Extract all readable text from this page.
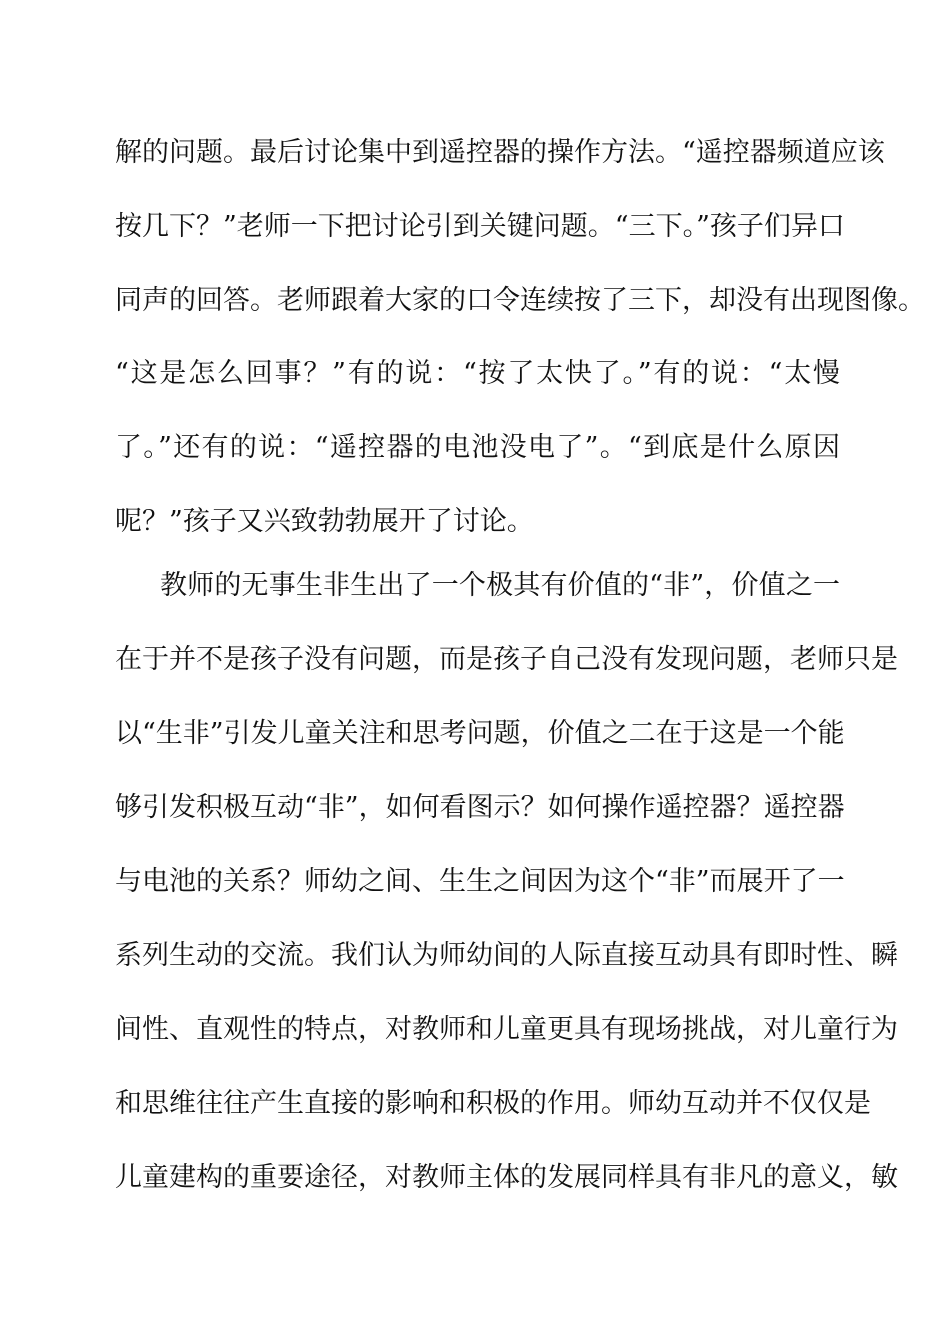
解的问题。最后讨论集中到遥控器的操作方法。“遥控器频道应该
按几下？”老师一下把讨论引到关键问题。“三下。”孩子们异口
同声的回答。老师跟着大家的口令连续按了三下，却没有出现图像。
“这是怎么回事？”有的说：“按了太快了。”有的说：“太慢
了。”还有的说：“遥控器的电池没电了”。“到底是什么原因
呢？”孩子又兴致勃勃展开了讨论。
教师的无事生非生出了一个极其有价值的“非”，价值之一
在于并不是孩子没有问题，而是孩子自己没有发现问题，老师只是
以“生非”引发儿童关注和思考问题，价值之二在于这是一个能
够引发积极互动“非”，如何看图示？如何操作遥控器？遥控器
与电池的关系？师幼之间、生生之间因为这个“非”而展开了一
系列生动的交流。我们认为师幼间的人际直接互动具有即时性、瞬
间性、直观性的特点，对教师和儿童更具有现场挑战，对儿童行为
和思维往往产生直接的影响和积极的作用。师幼互动并不仅仅是
儿童建构的重要途径，对教师主体的发展同样具有非凡的意义，敏
